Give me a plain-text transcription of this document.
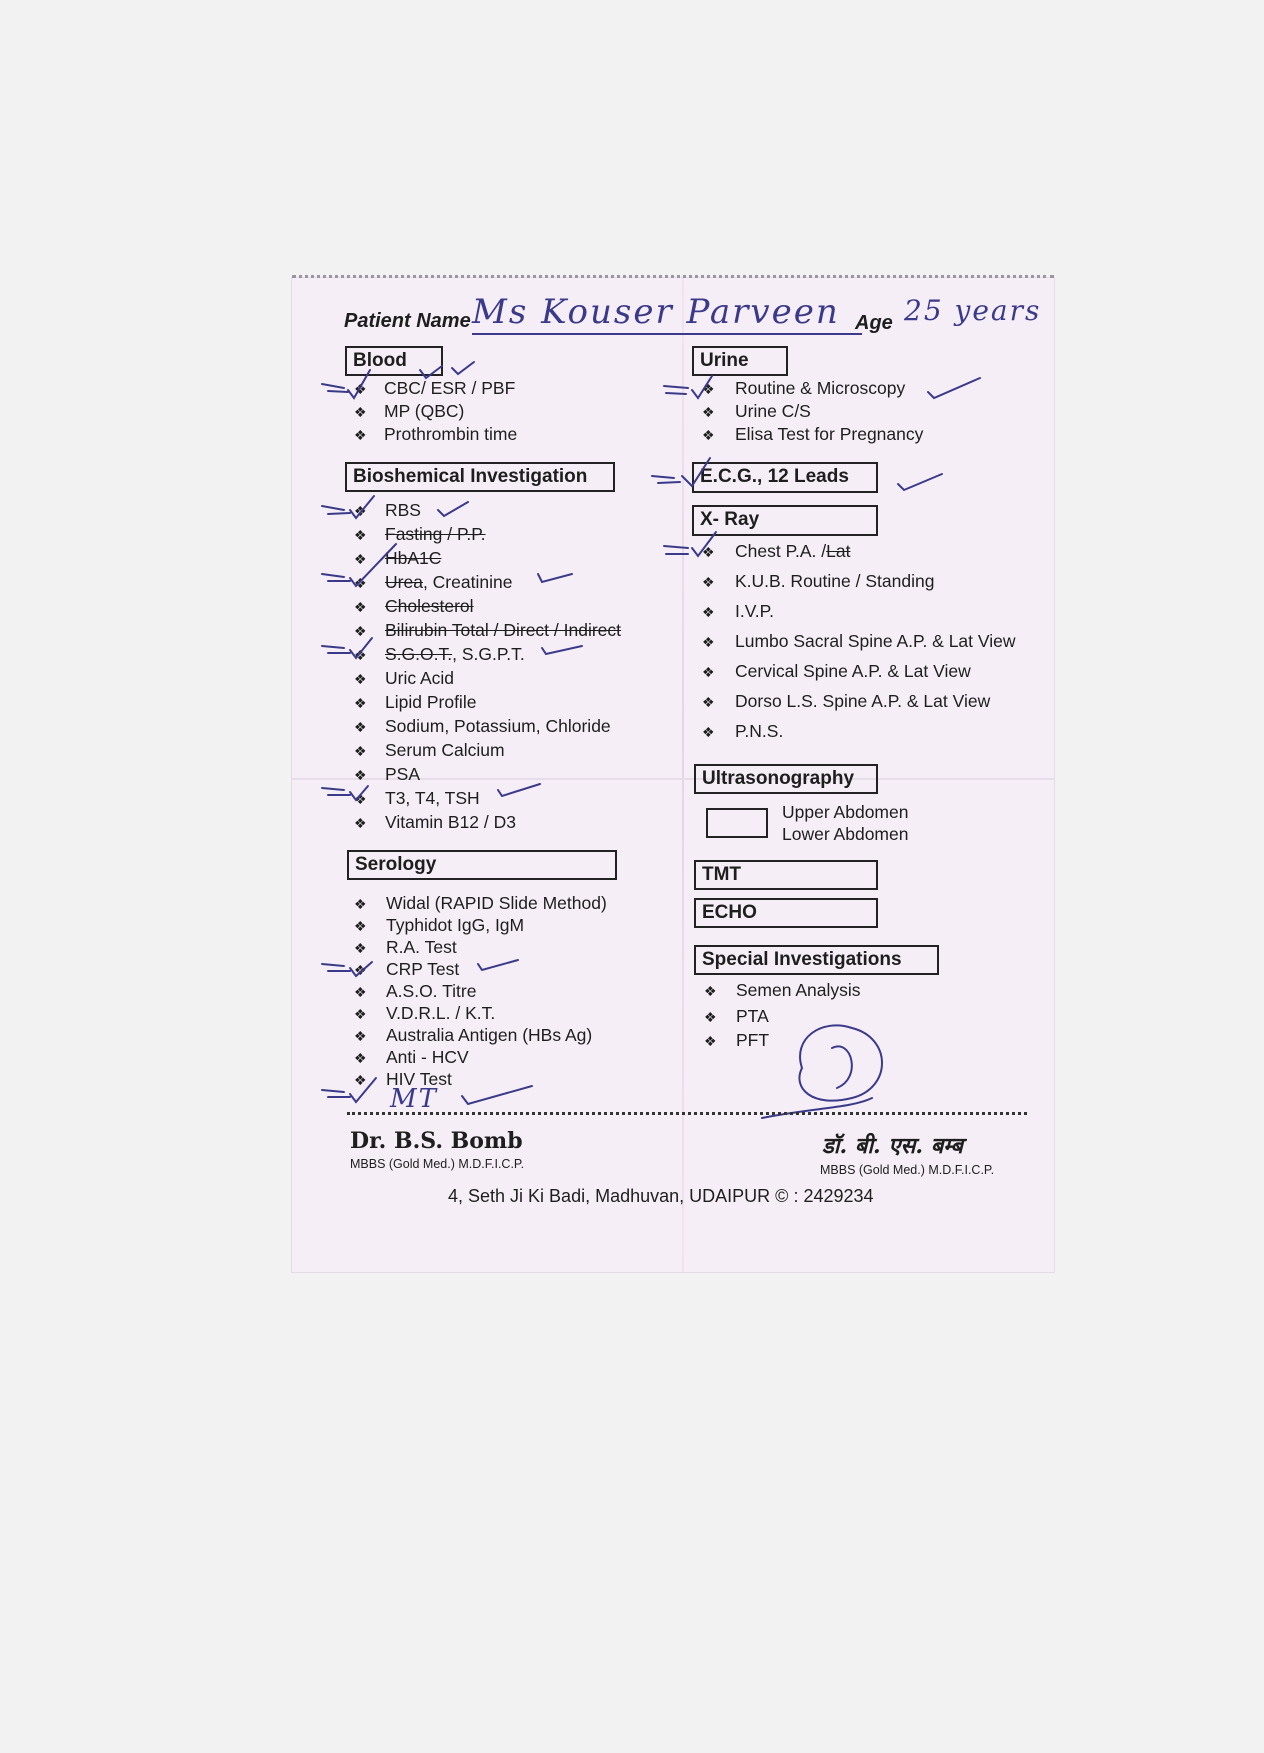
Patient Name Ms Kouser Parveen Age 25 years
Blood
❖ CBC/ ESR / PBF
❖ MP (QBC)
❖ Prothrombin time
Bioshemical Investigation
❖ RBS
❖ Fasting / P.P.
❖ HbA1C
❖ Urea, Creatinine
❖ Cholesterol
❖ Bilirubin Total / Direct / Indirect
❖ S.G.O.T., S.G.P.T.
❖ Uric Acid
❖ Lipid Profile
❖ Sodium, Potassium, Chloride
❖ Serum Calcium
❖ PSA
❖ T3, T4, TSH
❖ Vitamin B12 / D3
Serology
❖ Widal (RAPID Slide Method)
❖ Typhidot IgG, IgM
❖ R.A. Test
❖ CRP Test
❖ A.S.O. Titre
❖ V.D.R.L. / K.T.
❖ Australia Antigen (HBs Ag)
❖ Anti - HCV
❖ HIV Test
MT
Urine
❖ Routine & Microscopy
❖ Urine C/S
❖ Elisa Test for Pregnancy
E.C.G., 12 Leads
X- Ray
❖ Chest P.A. /Lat
❖ K.U.B. Routine / Standing
❖ I.V.P.
❖ Lumbo Sacral Spine A.P. & Lat View
❖ Cervical Spine A.P. & Lat View
❖ Dorso L.S. Spine A.P. & Lat View
❖ P.N.S.
Ultrasonography
Upper Abdomen
Lower Abdomen
TMT
ECHO
Special Investigations
❖ Semen Analysis
❖ PTA
❖ PFT
Dr. B.S. Bomb
MBBS (Gold Med.) M.D.F.I.C.P.
डॉ. बी. एस. बम्ब
MBBS (Gold Med.) M.D.F.I.C.P.
4, Seth Ji Ki Badi, Madhuvan, UDAIPUR © : 2429234
